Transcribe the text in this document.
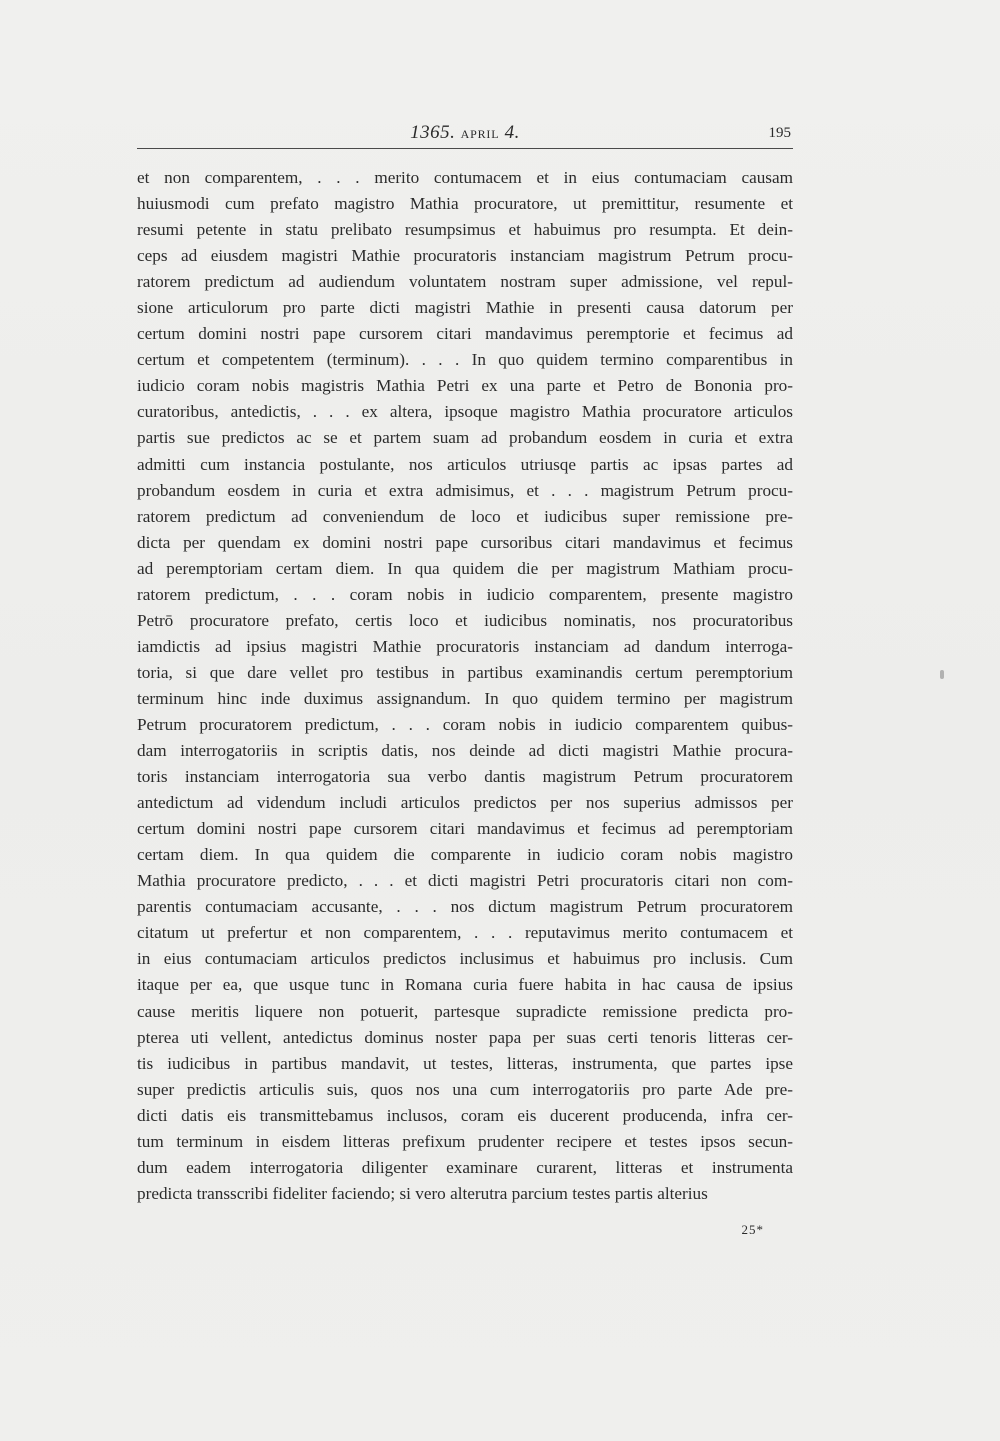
1365. APRIL 4.	195
et non comparentem, . . . merito contumacem et in eius contumaciam causam
huiusmodi cum prefato magistro Mathia procuratore, ut premittitur, resumente et
resumi petente in statu prelibato resumpsimus et habuimus pro resumpta. Et dein-
ceps ad eiusdem magistri Mathie procuratoris instanciam magistrum Petrum procu-
ratorem predictum ad audiendum voluntatem nostram super admissione, vel repul-
sione articulorum pro parte dicti magistri Mathie in presenti causa datorum per
certum domini nostri pape cursorem citari mandavimus peremptorie et fecimus ad
certum et competentem (terminum). . . . In quo quidem termino comparentibus in
iudicio coram nobis magistris Mathia Petri ex una parte et Petro de Bononia pro-
curatoribus, antedictis, . . . ex altera, ipsoque magistro Mathia procuratore articulos
partis sue predictos ac se et partem suam ad probandum eosdem in curia et extra
admitti cum instancia postulante, nos articulos utriusqe partis ac ipsas partes ad
probandum eosdem in curia et extra admisimus, et . . . magistrum Petrum procu-
ratorem predictum ad conveniendum de loco et iudicibus super remissione pre-
dicta per quendam ex domini nostri pape cursoribus citari mandavimus et fecimus
ad peremptoriam certam diem. In qua quidem die per magistrum Mathiam procu-
ratorem predictum, . . . coram nobis in iudicio comparentem, presente magistro
Petrō procuratore prefato, certis loco et iudicibus nominatis, nos procuratoribus
iamdictis ad ipsius magistri Mathie procuratoris instanciam ad dandum interroga-
toria, si que dare vellet pro testibus in partibus examinandis certum peremptorium
terminum hinc inde duximus assignandum. In quo quidem termino per magistrum
Petrum procuratorem predictum, . . . coram nobis in iudicio comparentem quibus-
dam interrogatoriis in scriptis datis, nos deinde ad dicti magistri Mathie procura-
toris instanciam interrogatoria sua verbo dantis magistrum Petrum procuratorem
antedictum ad videndum includi articulos predictos per nos superius admissos per
certum domini nostri pape cursorem citari mandavimus et fecimus ad peremptoriam
certam diem. In qua quidem die comparente in iudicio coram nobis magistro
Mathia procuratore predicto, . . . et dicti magistri Petri procuratoris citari non com-
parentis contumaciam accusante, . . . nos dictum magistrum Petrum procuratorem
citatum ut prefertur et non comparentem, . . . reputavimus merito contumacem et
in eius contumaciam articulos predictos inclusimus et habuimus pro inclusis. Cum
itaque per ea, que usque tunc in Romana curia fuere habita in hac causa de ipsius
cause meritis liquere non potuerit, partesque supradicte remissione predicta pro-
pterea uti vellent, antedictus dominus noster papa per suas certi tenoris litteras cer-
tis iudicibus in partibus mandavit, ut testes, litteras, instrumenta, que partes ipse
super predictis articulis suis, quos nos una cum interrogatoriis pro parte Ade pre-
dicti datis eis transmittebamus inclusos, coram eis ducerent producenda, infra cer-
tum terminum in eisdem litteras prefixum prudenter recipere et testes ipsos secun-
dum eadem interrogatoria diligenter examinare curarent, litteras et instrumenta
predicta transscribi fideliter faciendo; si vero alterutra parcium testes partis alterius
25*
